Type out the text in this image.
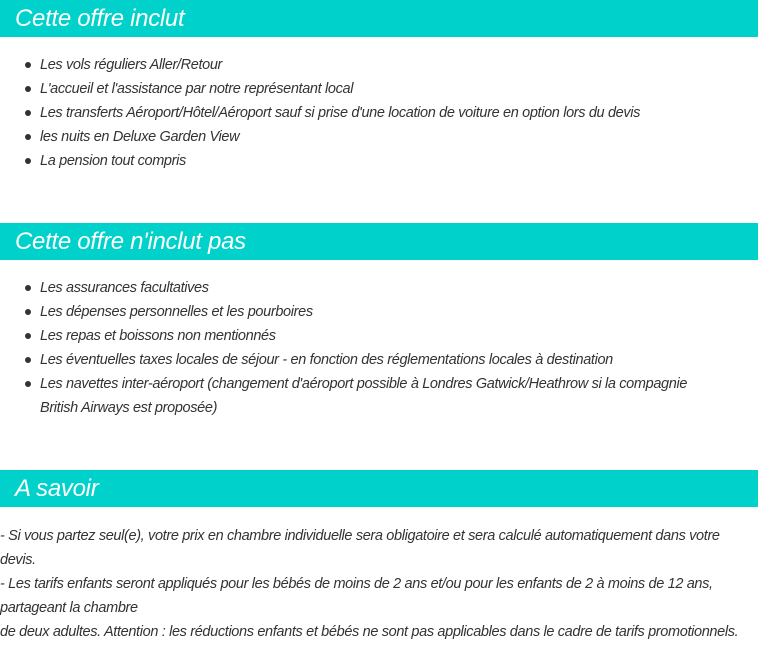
Cette offre inclut
Les vols réguliers Aller/Retour
L'accueil et l'assistance par notre représentant local
Les transferts Aéroport/Hôtel/Aéroport sauf si prise d'une location de voiture en option lors du devis
les nuits en Deluxe Garden View
La pension tout compris
Cette offre n'inclut pas
Les assurances facultatives
Les dépenses personnelles et les pourboires
Les repas et boissons non mentionnés
Les éventuelles taxes locales de séjour - en fonction des réglementations locales à destination
Les navettes inter-aéroport (changement d'aéroport possible à Londres Gatwick/Heathrow si la compagnie British Airways est proposée)
A savoir

- Si vous partez seul(e), votre prix en chambre individuelle sera obligatoire et sera calculé automatiquement dans votre devis.

- Les tarifs enfants seront appliqués pour les bébés de moins de 2 ans et/ou pour les enfants de 2 à moins de 12 ans, partageant la chambre

de deux adultes. Attention : les réductions enfants et bébés ne sont pas applicables dans le cadre de tarifs promotionnels.
